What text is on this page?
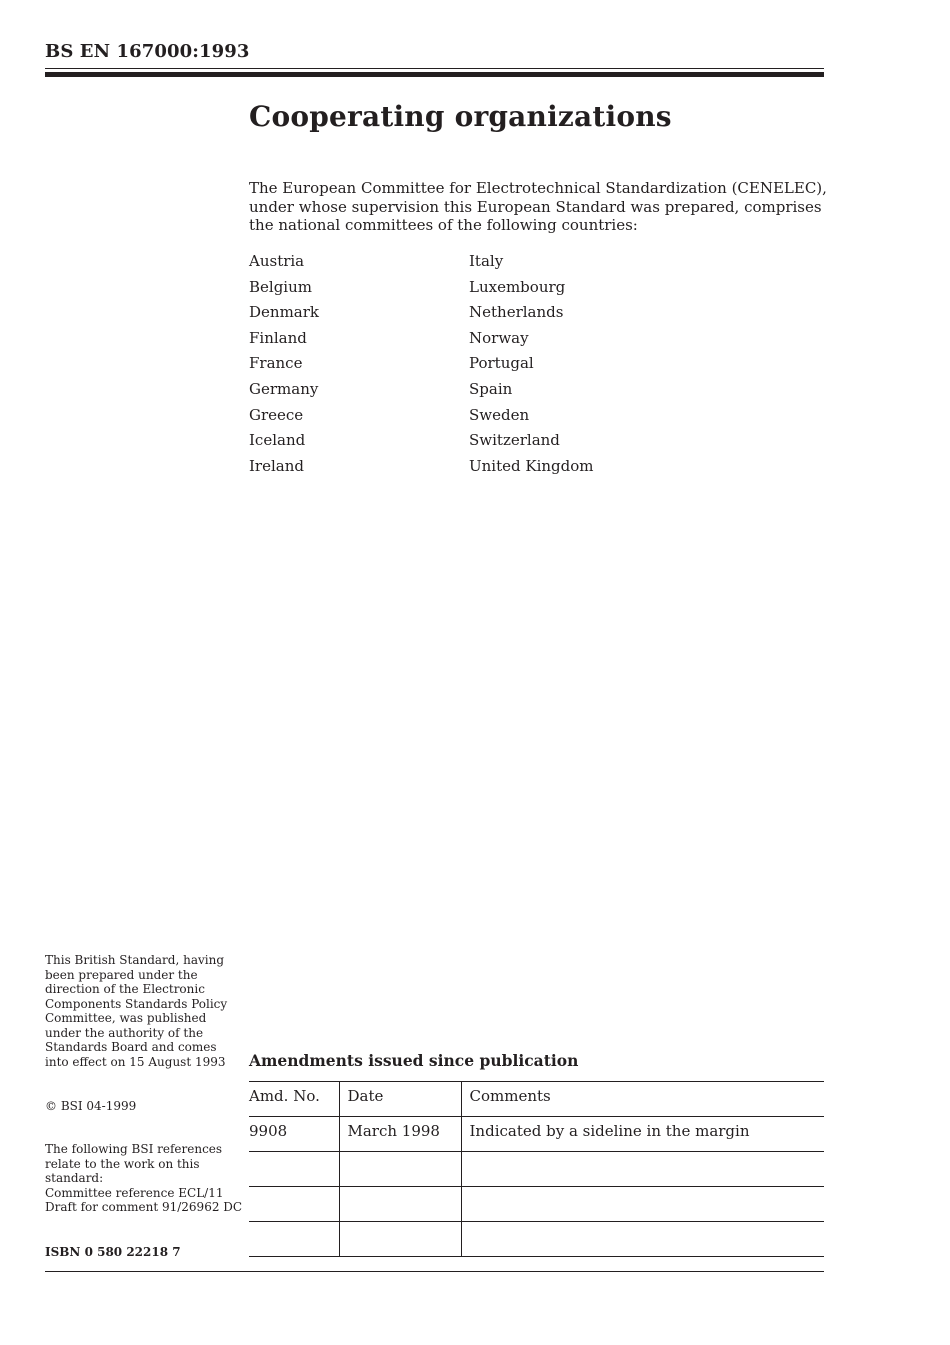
BS EN 167000:1993
Cooperating organizations

The European Committee for Electrotechnical Standardization (CENELEC), under whose supervision this European Standard was prepared, comprises the national committees of the following countries:

Austria	Italy
Belgium	Luxembourg
Denmark	Netherlands
Finland	Norway
France	Portugal
Germany	Spain
Greece	Sweden
Iceland	Switzerland
Ireland	United Kingdom

This British Standard, having been prepared under the direction of the Electronic Components Standards Policy Committee, was published under the authority of the Standards Board and comes into effect on 15 August 1993

© BSI 04-1999

The following BSI references relate to the work on this standard:
Committee reference ECL/11
Draft for comment 91/26962 DC

ISBN 0 580 22218 7

Amendments issued since publication
Amd. No.	Date	Comments
9908	March 1998	Indicated by a sideline in the margin
